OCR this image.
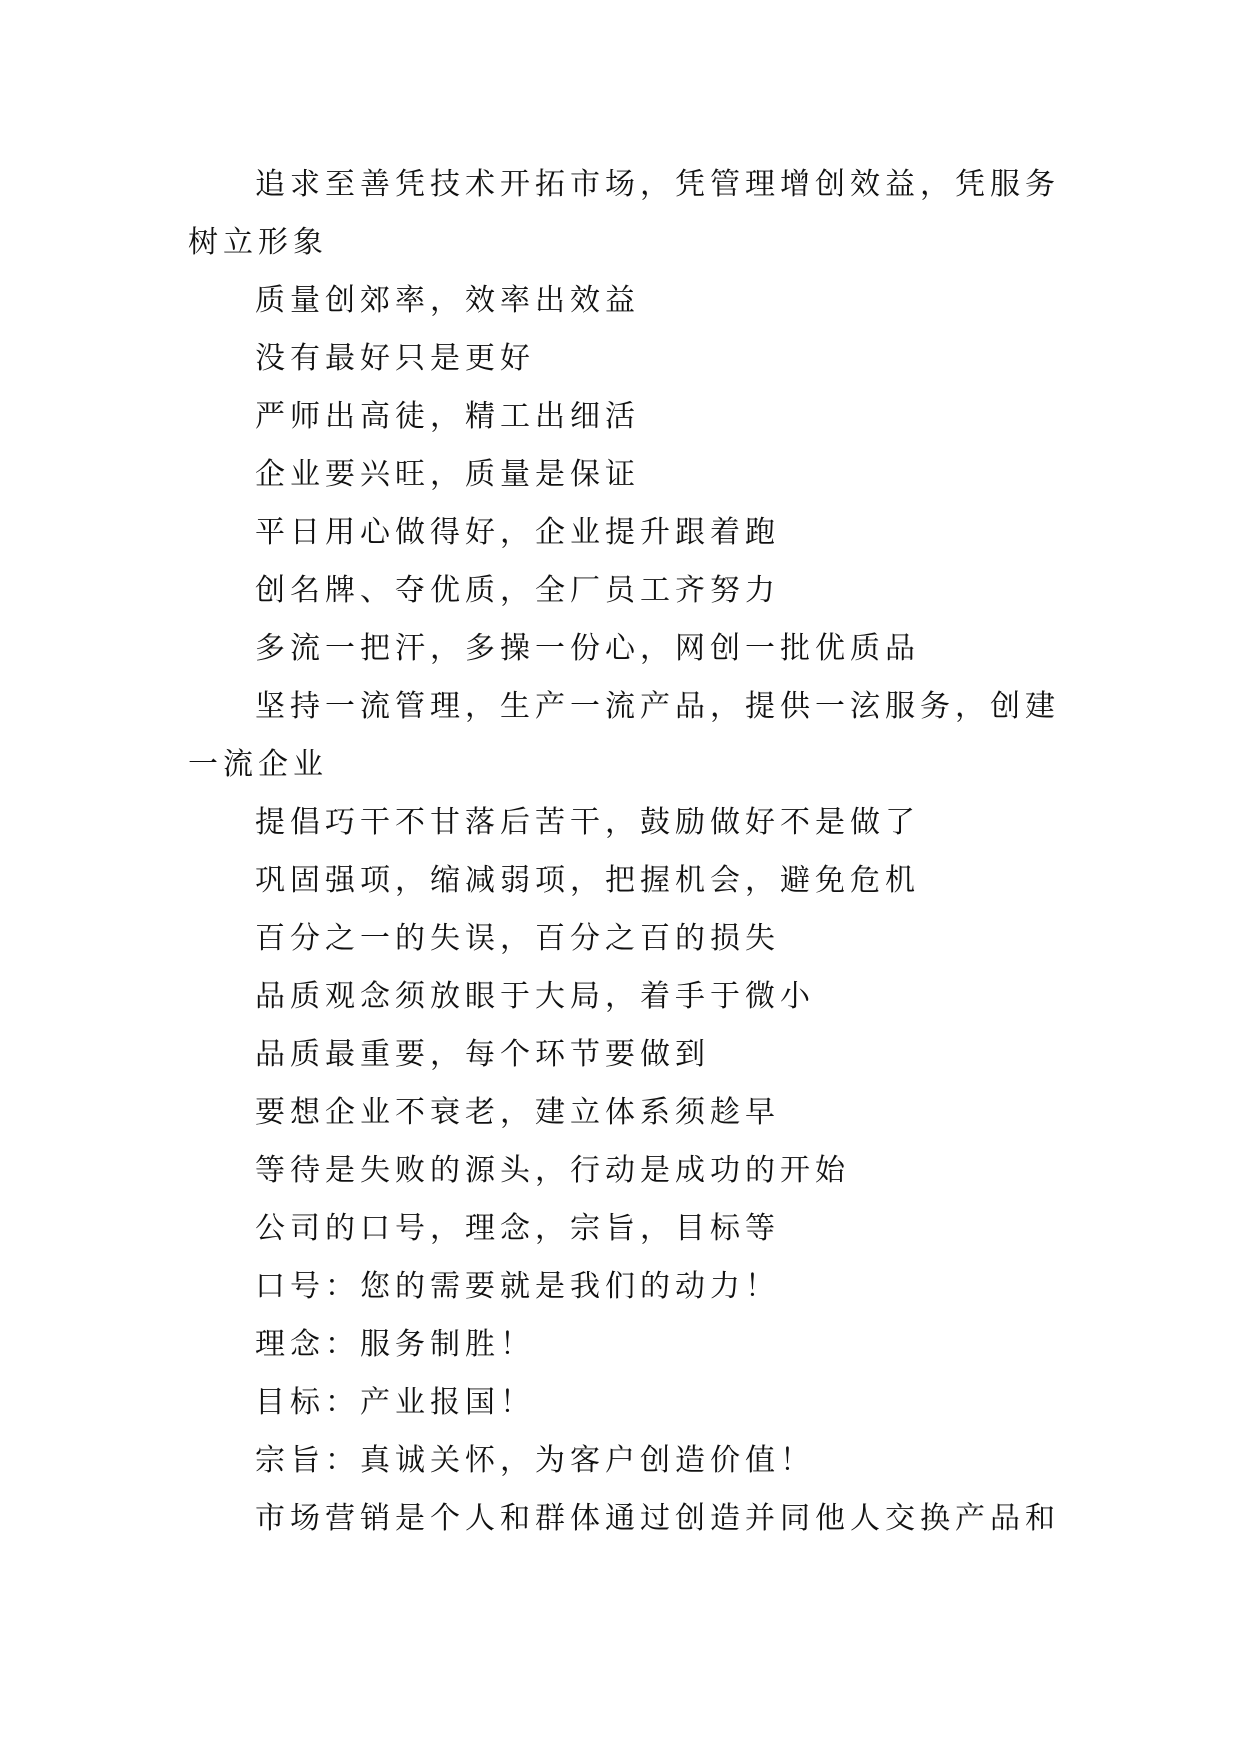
追求至善凭技术开拓市场，凭管理增创效益，凭服务树立形象

质量创郊率，效率出效益

没有最好只是更好

严师出高徒，精工出细活

企业要兴旺，质量是保证

平日用心做得好，企业提升跟着跑

创名牌、夺优质，全厂员工齐努力

多流一把汗，多操一份心，网创一批优质品

坚持一流管理，生产一流产品，提供一泫服务，创建一流企业

提倡巧干不甘落后苦干，鼓励做好不是做了

巩固强项，缩减弱项，把握机会，避免危机

百分之一的失误，百分之百的损失

品质观念须放眼于大局，着手于微小

品质最重要，每个环节要做到

要想企业不衰老，建立体系须趁早

等待是失败的源头，行动是成功的开始

公司的口号，理念，宗旨，目标等

口号：您的需要就是我们的动力！

理念：服务制胜！

目标：产业报国！

宗旨：真诚关怀，为客户创造价值！

市场营销是个人和群体通过创造并同他人交换产品和
